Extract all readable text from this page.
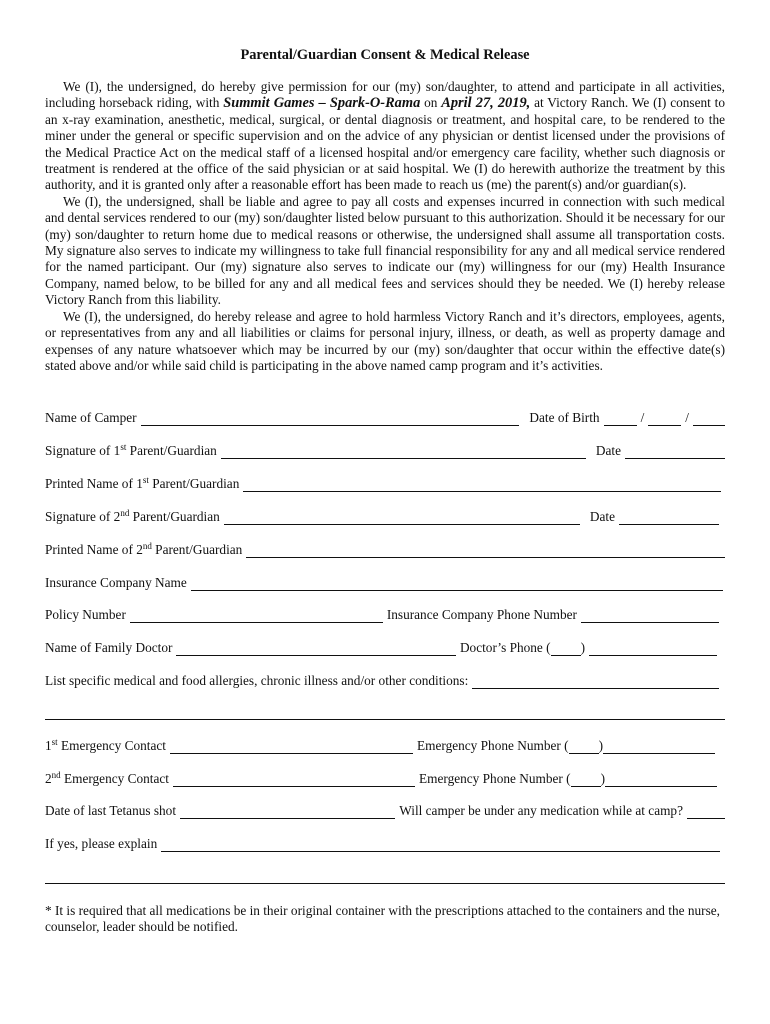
Parental/Guardian Consent & Medical Release

We (I), the undersigned, do hereby give permission for our (my) son/daughter, to attend and participate in all activities, including horseback riding, with Summit Games – Spark-O-Rama on April 27, 2019, at Victory Ranch. We (I) consent to an x-ray examination, anesthetic, medical, surgical, or dental diagnosis or treatment, and hospital care, to be rendered to the miner under the general or specific supervision and on the advice of any physician or dentist licensed under the provisions of the Medical Practice Act on the medical staff of a licensed hospital and/or emergency care facility, whether such diagnosis or treatment is rendered at the office of the said physician or at said hospital. We (I) do herewith authorize the treatment by this authority, and it is granted only after a reasonable effort has been made to reach us (me) the parent(s) and/or guardian(s).

We (I), the undersigned, shall be liable and agree to pay all costs and expenses incurred in connection with such medical and dental services rendered to our (my) son/daughter listed below pursuant to this authorization. Should it be necessary for our (my) son/daughter to return home due to medical reasons or otherwise, the undersigned shall assume all transportation costs. My signature also serves to indicate my willingness to take full financial responsibility for any and all medical service rendered for the named participant. Our (my) signature also serves to indicate our (my) willingness for our (my) Health Insurance Company, named below, to be billed for any and all medical fees and services should they be needed. We (I) hereby release Victory Ranch from this liability.

We (I), the undersigned, do hereby release and agree to hold harmless Victory Ranch and it’s directors, employees, agents, or representatives from any and all liabilities or claims for personal injury, illness, or death, as well as property damage and expenses of any nature whatsoever which may be incurred by our (my) son/daughter that occur within the effective date(s) stated above and/or while said child is participating in the above named camp program and it’s activities.

Name of Camper	Date of Birth	/	/
Signature of 1st Parent/Guardian	Date
Printed Name of 1st Parent/Guardian
Signature of 2nd Parent/Guardian	Date
Printed Name of 2nd Parent/Guardian
Insurance Company Name
Policy Number	Insurance Company Phone Number
Name of Family Doctor	Doctor’s Phone ( )
List specific medical and food allergies, chronic illness and/or other conditions:
1st Emergency Contact	Emergency Phone Number ( )
2nd Emergency Contact	Emergency Phone Number ( )
Date of last Tetanus shot	Will camper be under any medication while at camp?
If yes, please explain
* It is required that all medications be in their original container with the prescriptions attached to the containers and the nurse, counselor, leader should be notified.
